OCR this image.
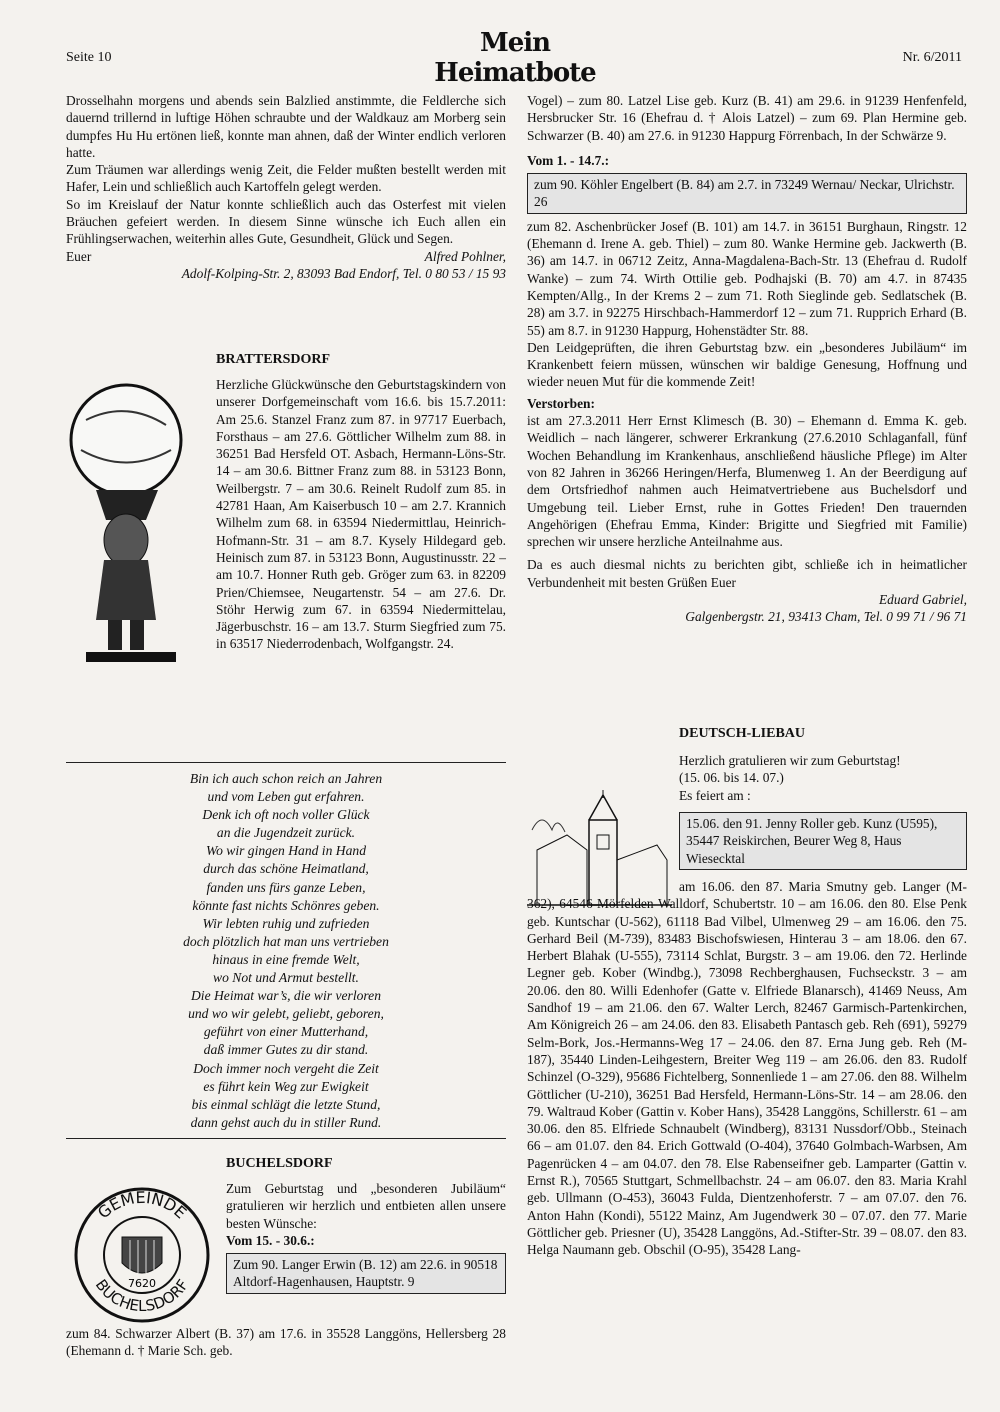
Seite 10	Mein Heimatbote
Nr. 6/2011

Drosselhahn morgens und abends sein Balzlied anstimmte, die Feldlerche sich dauernd trillernd in luftige Höhen schraubte und der Waldkauz am Morberg sein dumpfes Hu Hu ertönen ließ, konnte man ahnen, daß der Winter endlich verloren hatte.

Zum Träumen war allerdings wenig Zeit, die Felder mußten bestellt werden mit Hafer, Lein und schließlich auch Kartoffeln gelegt werden.

So im Kreislauf der Natur konnte schließlich auch das Osterfest mit vielen Bräuchen gefeiert werden. In diesem Sinne wünsche ich Euch allen ein Frühlingserwachen, weiterhin alles Gute, Gesundheit, Glück und Segen.

Euer	Alfred Pohlner,

Adolf-Kolping-Str. 2, 83093 Bad Endorf, Tel. 0 80 53 / 15 93

BRATTERSDORF

Herzliche Glückwünsche den Geburtstagskindern von unserer Dorfgemeinschaft vom 16.6. bis 15.7.2011: Am 25.6. Stanzel Franz zum 87. in 97717 Euerbach, Forsthaus – am 27.6. Göttlicher Wilhelm zum 88. in 36251 Bad Hersfeld OT. Asbach, Hermann-Löns-Str. 14 – am 30.6. Bittner Franz zum 88. in 53123 Bonn, Weilbergstr. 7 – am 30.6. Reinelt Rudolf zum 85. in 42781 Haan, Am Kaiserbusch 10 – am 2.7. Krannich Wilhelm zum 68. in 63594 Niedermittlau, Heinrich-Hofmann-Str. 31 – am 8.7. Kysely Hildegard geb. Heinisch zum 87. in 53123 Bonn, Augustinusstr. 22 – am 10.7. Honner Ruth geb. Gröger zum 63. in 82209 Prien/Chiemsee, Neugartenstr. 54 – am 27.6. Dr. Stöhr Herwig zum 67. in 63594 Niedermittelau, Jägerbuschstr. 16 – am 13.7. Sturm Siegfried zum 75. in 63517 Niederrodenbach, Wolfgangstr. 24.

Bin ich auch schon reich an Jahren
und vom Leben gut erfahren.
Denk ich oft noch voller Glück
an die Jugendzeit zurück.
Wo wir gingen Hand in Hand
durch das schöne Heimatland,
fanden uns fürs ganze Leben,
könnte fast nichts Schönres geben.
Wir lebten ruhig und zufrieden
doch plötzlich hat man uns vertrieben
hinaus in eine fremde Welt,
wo Not und Armut bestellt.
Die Heimat war’s, die wir verloren
und wo wir gelebt, geliebt, geboren,
geführt von einer Mutterhand,
daß immer Gutes zu dir stand.
Doch immer noch vergeht die Zeit
es führt kein Weg zur Ewigkeit
bis einmal schlägt die letzte Stund,
dann gehst auch du in stiller Rund.
GEMEINDE
BUCHELSDORF
7620
BUCHELSDORF

Zum Geburtstag und „besonderen Jubiläum“ gratulieren wir herzlich und entbieten allen unsere besten Wünsche:

Vom 15. - 30.6.:

Zum 90. Langer Erwin (B. 12) am 22.6. in 90518 Altdorf-Hagenhausen, Hauptstr. 9

zum 84. Schwarzer Albert (B. 37) am 17.6. in 35528 Langgöns, Hellersberg 28 (Ehemann d. † Marie Sch. geb.

Vogel) – zum 80. Latzel Lise geb. Kurz (B. 41) am 29.6. in 91239 Henfenfeld, Hersbrucker Str. 16 (Ehefrau d. † Alois Latzel) – zum 69. Plan Hermine geb. Schwarzer (B. 40) am 27.6. in 91230 Happurg Förrenbach, In der Schwärze 9.

Vom 1. - 14.7.:

zum 90. Köhler Engelbert (B. 84) am 2.7. in 73249 Wernau/ Neckar, Ulrichstr. 26

zum 82. Aschenbrücker Josef (B. 101) am 14.7. in 36151 Burghaun, Ringstr. 12 (Ehemann d. Irene A. geb. Thiel) – zum 80. Wanke Hermine geb. Jackwerth (B. 36) am 14.7. in 06712 Zeitz, Anna-Magdalena-Bach-Str. 13 (Ehefrau d. Rudolf Wanke) – zum 74. Wirth Ottilie geb. Podhajski (B. 70) am 4.7. in 87435 Kempten/Allg., In der Krems 2 – zum 71. Roth Sieglinde geb. Sedlatschek (B. 28) am 3.7. in 92275 Hirschbach-Hammerdorf 12 – zum 71. Rupprich Erhard (B. 55) am 8.7. in 91230 Happurg, Hohenstädter Str. 88.

Den Leidgeprüften, die ihren Geburtstag bzw. ein „besonderes Jubiläum“ im Krankenbett feiern müssen, wünschen wir baldige Genesung, Hoffnung und wieder neuen Mut für die kommende Zeit!

Verstorben:

ist am 27.3.2011 Herr Ernst Klimesch (B. 30) – Ehemann d. Emma K. geb. Weidlich – nach längerer, schwerer Erkrankung (27.6.2010 Schlaganfall, fünf Wochen Behandlung im Krankenhaus, anschließend häusliche Pflege) im Alter von 82 Jahren in 36266 Heringen/Herfa, Blumenweg 1. An der Beerdigung auf dem Ortsfriedhof nahmen auch Heimatvertriebene aus Buchelsdorf und Umgebung teil. Lieber Ernst, ruhe in Gottes Frieden! Den trauernden Angehörigen (Ehefrau Emma, Kinder: Brigitte und Siegfried mit Familie) sprechen wir unsere herzliche Anteilnahme aus.

Da es auch diesmal nichts zu berichten gibt, schließe ich in heimatlicher Verbundenheit mit besten Grüßen Euer

Eduard Gabriel,

Galgenbergstr. 21, 93413 Cham, Tel. 0 99 71 / 96 71

DEUTSCH-LIEBAU

Herzlich gratulieren wir zum Geburtstag!

(15. 06. bis 14. 07.)

Es feiert am :

15.06. den 91. Jenny Roller geb. Kunz (U595), 35447 Reiskirchen, Beurer Weg 8, Haus Wiesecktal

am 16.06. den 87. Maria Smutny geb. Langer (M-362), 64546 Mörfelden-Walldorf, Schubertstr. 10 – am 16.06. den 80. Else Penk geb. Kuntschar (U-562), 61118 Bad Vilbel, Ulmenweg 29 – am 16.06. den 75. Gerhard Beil (M-739), 83483 Bischofswiesen, Hinterau 3 – am 18.06. den 67. Herbert Blahak (U-555), 73114 Schlat, Burgstr. 3 – am 19.06. den 72. Herlinde Legner geb. Kober (Windbg.), 73098 Rechberghausen, Fuchseckstr. 3 – am 20.06. den 80. Willi Edenhofer (Gatte v. Elfriede Blanarsch), 41469 Neuss, Am Sandhof 19 – am 21.06. den 67. Walter Lerch, 82467 Garmisch-Partenkirchen, Am Königreich 26 – am 24.06. den 83. Elisabeth Pantasch geb. Reh (691), 59279 Selm-Bork, Jos.-Hermanns-Weg 17 – 24.06. den 87. Erna Jung geb. Reh (M-187), 35440 Linden-Leihgestern, Breiter Weg 119 – am 26.06. den 83. Rudolf Schinzel (O-329), 95686 Fichtelberg, Sonnenliede 1 – am 27.06. den 88. Wilhelm Göttlicher (U-210), 36251 Bad Hersfeld, Hermann-Löns-Str. 14 – am 28.06. den 79. Waltraud Kober (Gattin v. Kober Hans), 35428 Langgöns, Schillerstr. 61 – am 30.06. den 85. Elfriede Schnaubelt (Windberg), 83131 Nussdorf/Obb., Steinach 66 – am 01.07. den 84. Erich Gottwald (O-404), 37640 Golmbach-Warbsen, Am Pagenrücken 4 – am 04.07. den 78. Else Rabenseifner geb. Lamparter (Gattin v. Ernst R.), 70565 Stuttgart, Schmellbachstr. 24 – am 06.07. den 83. Maria Krahl geb. Ullmann (O-453), 36043 Fulda, Dientzenhoferstr. 7 – am 07.07. den 76. Anton Hahn (Kondi), 55122 Mainz, Am Jugendwerk 30 – 07.07. den 77. Marie Göttlicher geb. Priesner (U), 35428 Langgöns, Ad.-Stifter-Str. 39 – 08.07. den 83. Helga Naumann geb. Obschil (O-95), 35428 Lang-
